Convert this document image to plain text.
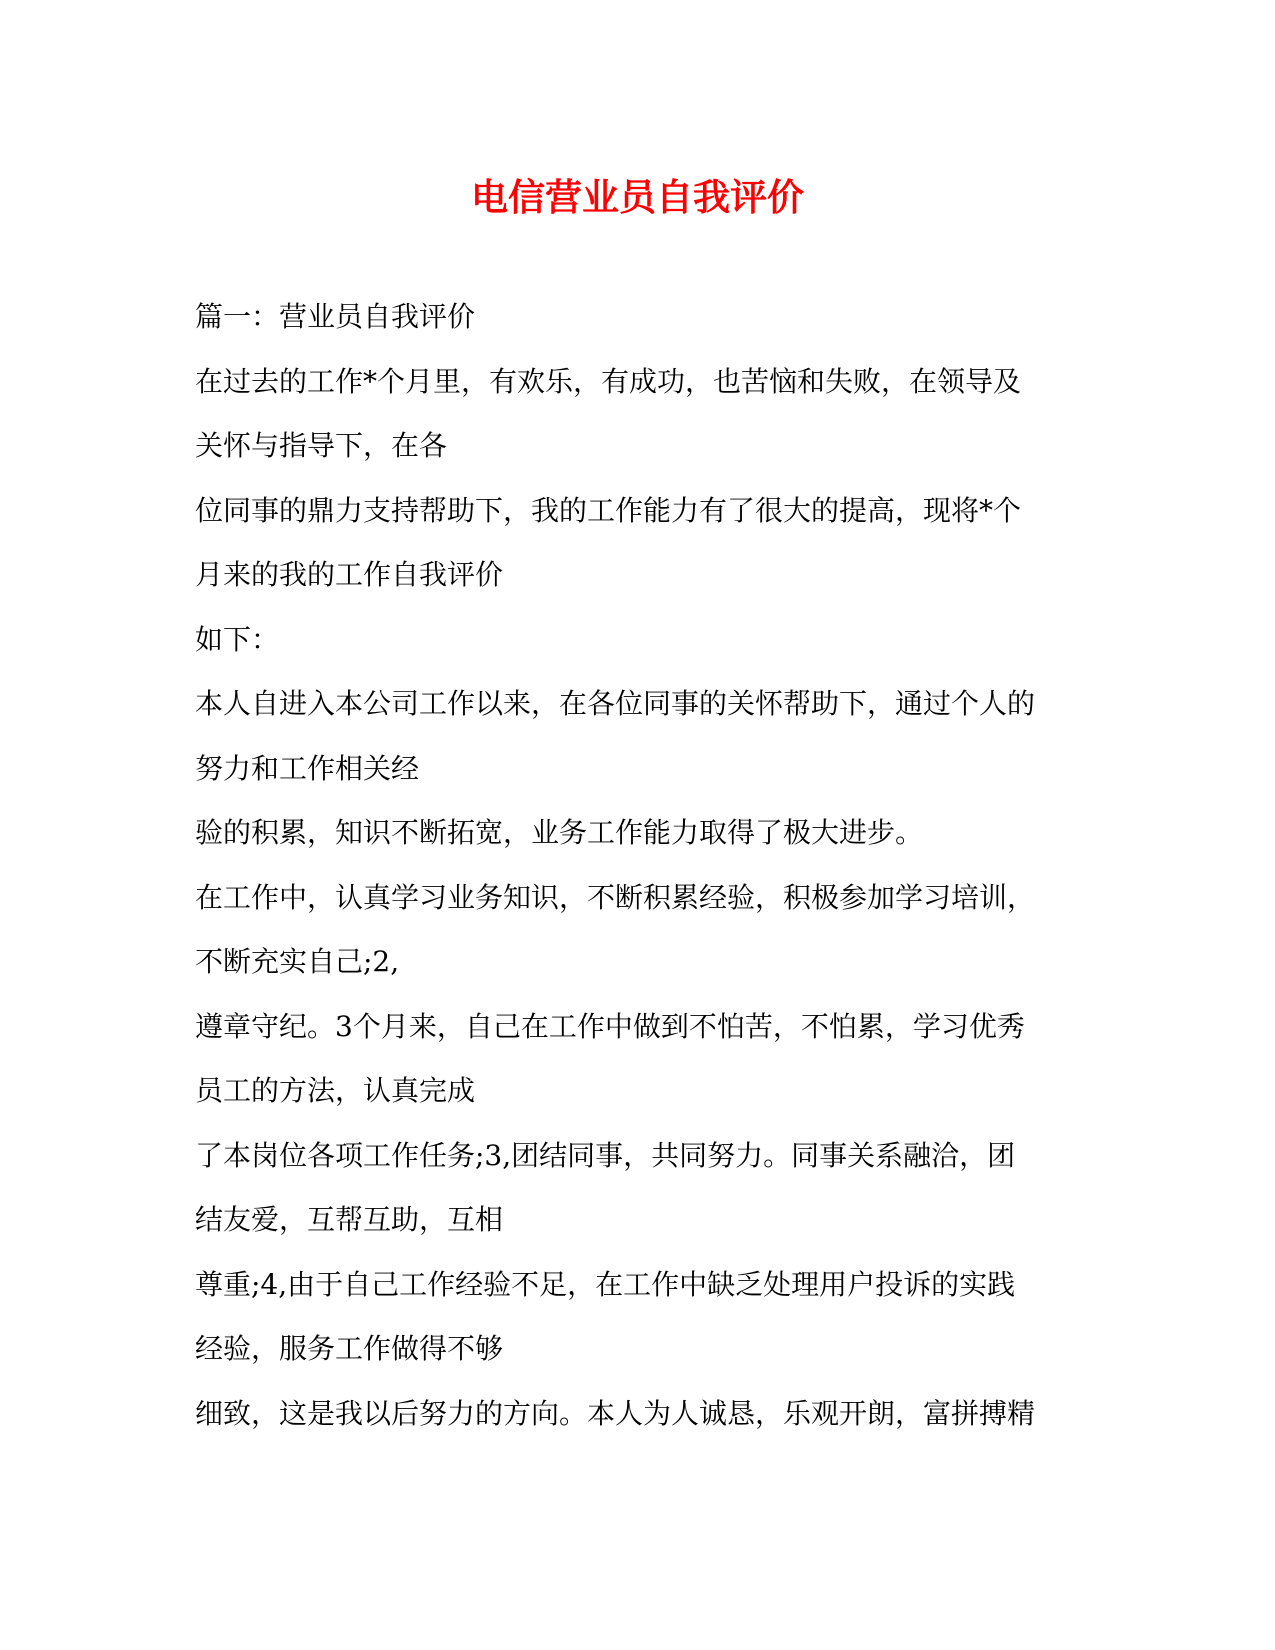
电信营业员自我评价

篇一：营业员自我评价

在过去的工作*个月里，有欢乐，有成功，也苦恼和失败，在领导及

关怀与指导下，在各

位同事的鼎力支持帮助下，我的工作能力有了很大的提高，现将*个

月来的我的工作自我评价

如下：

本人自进入本公司工作以来，在各位同事的关怀帮助下，通过个人的

努力和工作相关经

验的积累，知识不断拓宽，业务工作能力取得了极大进步。

在工作中，认真学习业务知识，不断积累经验，积极参加学习培训，

不断充实自己;2,

遵章守纪。3个月来，自己在工作中做到不怕苦，不怕累，学习优秀

员工的方法，认真完成

了本岗位各项工作任务;3,团结同事，共同努力。同事关系融洽，团

结友爱，互帮互助，互相

尊重;4,由于自己工作经验不足，在工作中缺乏处理用户投诉的实践

经验，服务工作做得不够

细致，这是我以后努力的方向。本人为人诚恳，乐观开朗，富拼搏精
